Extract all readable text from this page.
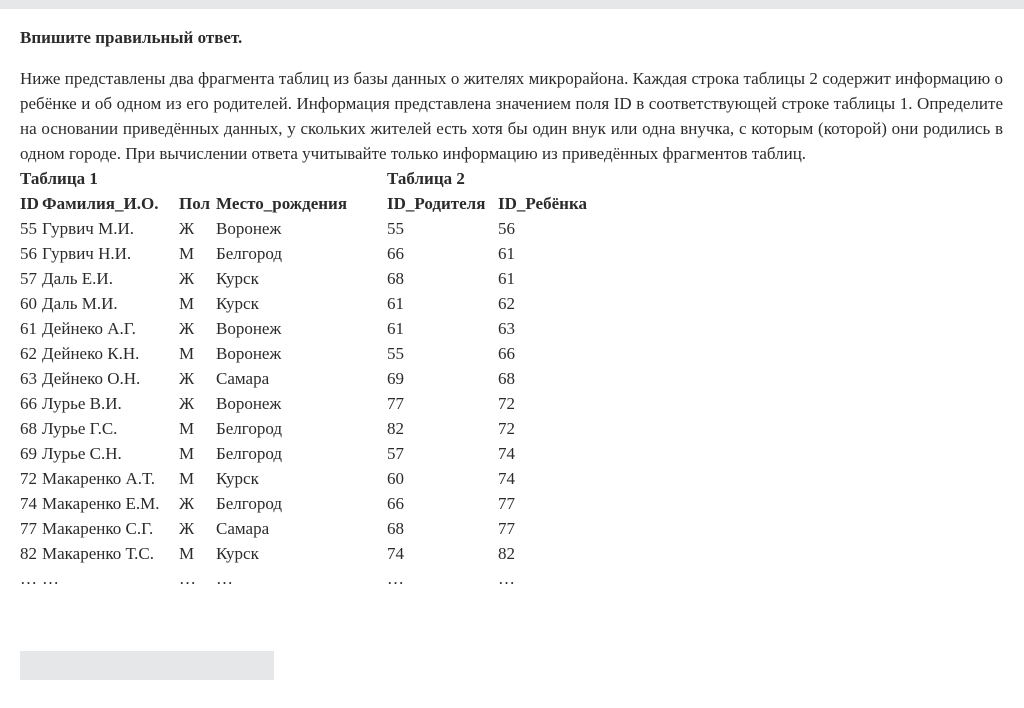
Впишите правильный ответ.

Ниже представлены два фрагмента таблиц из базы данных о жителях микрорайона. Каждая строка таблицы 2 содержит информацию о ребёнке и об одном из его родителей. Информация представлена значением поля ID в соответствующей строке таблицы 1. Определите на основании приведённых данных, у скольких жителей есть хотя бы один внук или одна внучка, с которым (которой) они родились в одном городе. При вычислении ответа учитывайте только информацию из приведённых фрагментов таблиц.

Таблица 1
ID	Фамилия_И.О.	Пол	Место_рождения
55	Гурвич М.И.	Ж	Воронеж
56	Гурвич Н.И.	М	Белгород
57	Даль Е.И.	Ж	Курск
60	Даль М.И.	М	Курск
61	Дейнеко А.Г.	Ж	Воронеж
62	Дейнеко К.Н.	М	Воронеж
63	Дейнеко О.Н.	Ж	Самара
66	Лурье В.И.	Ж	Воронеж
68	Лурье Г.С.	М	Белгород
69	Лурье С.Н.	М	Белгород
72	Макаренко А.Т.	М	Курск
74	Макаренко Е.М.	Ж	Белгород
77	Макаренко С.Г.	Ж	Самара
82	Макаренко Т.С.	М	Курск
…	…	…	…
Таблица 2
ID_Родителя	ID_Ребёнка
55	56
66	61
68	61
61	62
61	63
55	66
69	68
77	72
82	72
57	74
60	74
66	77
68	77
74	82
…	…
